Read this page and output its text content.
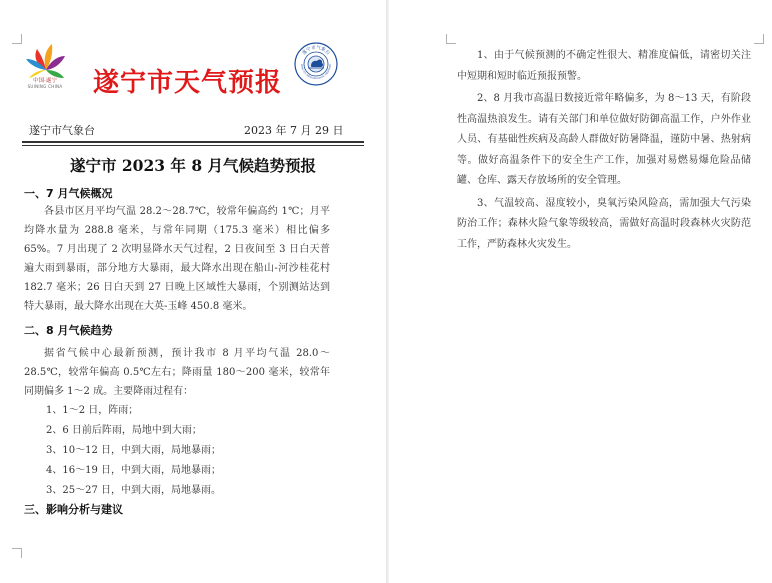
中国·遂宁
SUINING CHINA	遂宁市天气预报
遂宁市气象台
INING CITY METEOROLOGICAL OBSERVATO
遂宁市气象台	2023 年 7 月 29 日
遂宁市 2023 年 8 月气候趋势预报

一、7 月气候概况

各县市区月平均气温 28.2～28.7℃，较常年偏高约 1℃；月平均降水量为 288.8 毫米，与常年同期（175.3 毫米）相比偏多 65%。7 月出现了 2 次明显降水天气过程，2 日夜间至 3 日白天普遍大雨到暴雨，部分地方大暴雨，最大降水出现在船山-河沙桂花村 182.7 毫米；26 日白天到 27 日晚上区域性大暴雨，个别测站达到特大暴雨，最大降水出现在大英-玉峰 450.8 毫米。

二、8 月气候趋势

据省气候中心最新预测，预计我市 8 月平均气温 28.0～28.5℃，较常年偏高 0.5℃左右；降雨量 180～200 毫米，较常年同期偏多 1～2 成。主要降雨过程有：

1、1～2 日，阵雨；

2、6 日前后阵雨，局地中到大雨；

3、10～12 日，中到大雨，局地暴雨；

4、16～19 日，中到大雨，局地暴雨；

3、25～27 日，中到大雨，局地暴雨。

三、影响分析与建议

1、由于气候预测的不确定性很大、精准度偏低，请密切关注中短期和短时临近预报预警。

2、8 月我市高温日数接近常年略偏多，为 8～13 天，有阶段性高温热浪发生。请有关部门和单位做好防御高温工作，户外作业人员、有基础性疾病及高龄人群做好防暑降温，谨防中暑、热射病等。做好高温条件下的安全生产工作，加强对易燃易爆危险品储罐、仓库、露天存放场所的安全管理。

3、气温较高、湿度较小，臭氧污染风险高，需加强大气污染防治工作；森林火险气象等级较高，需做好高温时段森林火灾防范工作，严防森林火灾发生。
